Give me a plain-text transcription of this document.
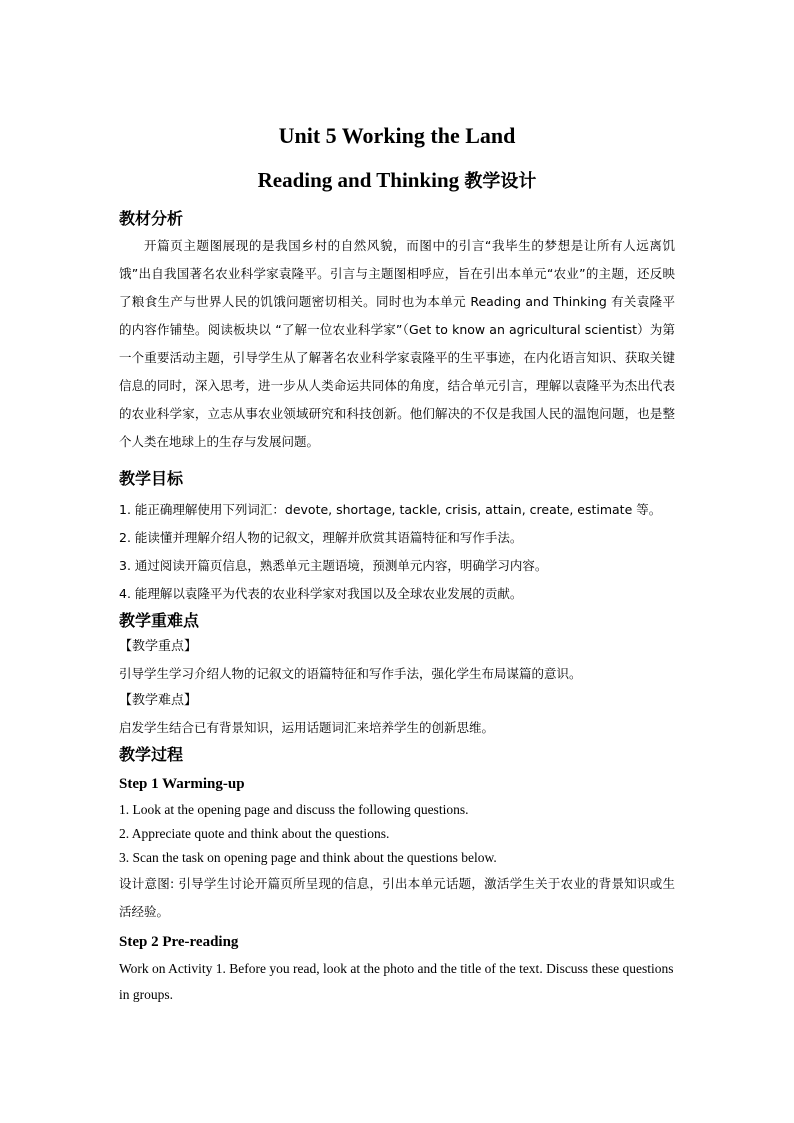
Unit 5 Working the Land
Reading and Thinking 教学设计
教材分析

开篇页主题图展现的是我国乡村的自然风貌，而图中的引言“我毕生的梦想是让所有人远离饥饿”出自我国著名农业科学家袁隆平。引言与主题图相呼应，旨在引出本单元“农业”的主题，还反映了粮食生产与世界人民的饥饿问题密切相关。同时也为本单元 Reading and Thinking 有关袁隆平的内容作铺垫。阅读板块以 “了解一位农业科学家”（Get to know an agricultural scientist）为第一个重要活动主题，引导学生从了解著名农业科学家袁隆平的生平事迹，在内化语言知识、获取关键信息的同时，深入思考，进一步从人类命运共同体的角度，结合单元引言，理解以袁隆平为杰出代表的农业科学家，立志从事农业领域研究和科技创新。他们解决的不仅是我国人民的温饱问题，也是整个人类在地球上的生存与发展问题。

教学目标
1. 能正确理解使用下列词汇：devote, shortage, tackle, crisis, attain, create, estimate 等。
2. 能读懂并理解介绍人物的记叙文，理解并欣赏其语篇特征和写作手法。
3. 通过阅读开篇页信息，熟悉单元主题语境，预测单元内容，明确学习内容。
4. 能理解以袁隆平为代表的农业科学家对我国以及全球农业发展的贡献。
教学重难点

【教学重点】

引导学生学习介绍人物的记叙文的语篇特征和写作手法，强化学生布局谋篇的意识。

【教学难点】

启发学生结合已有背景知识，运用话题词汇来培养学生的创新思维。

教学过程

Step 1 Warming-up

1. Look at the opening page and discuss the following questions.

2. Appreciate quote and think about the questions.

3. Scan the task on opening page and think about the questions below.

设计意图: 引导学生讨论开篇页所呈现的信息，引出本单元话题，激活学生关于农业的背景知识或生活经验。

Step 2 Pre-reading

Work on Activity 1. Before you read, look at the photo and the title of the text. Discuss these questions in groups.
